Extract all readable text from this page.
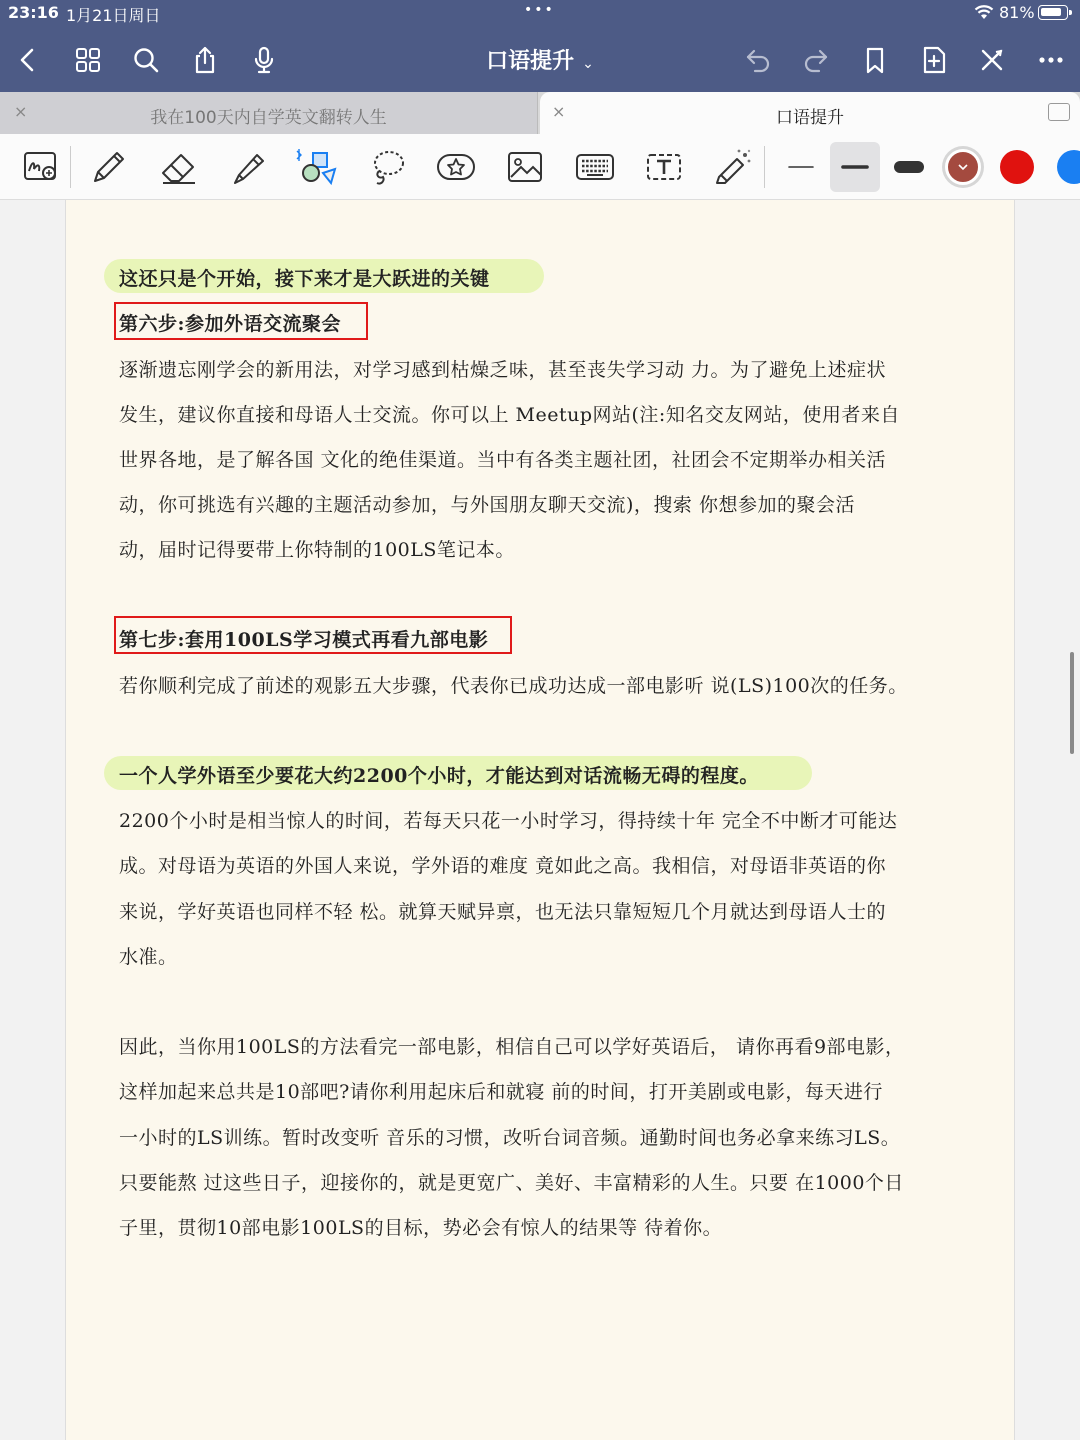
23:16 1月21日周日	•••	81%
口语提升 ⌄
×	我在100天内自学英文翻转人生	×	口语提升
这还只是个开始，接下来才是大跃进的关键
第六步:参加外语交流聚会
逐渐遗忘刚学会的新用法，对学习感到枯燥乏味，甚至丧失学习动 力。为了避免上述症状
发生，建议你直接和母语人士交流。你可以上 Meetup网站(注:知名交友网站，使用者来自
世界各地，是了解各国 文化的绝佳渠道。当中有各类主题社团，社团会不定期举办相关活
动，你可挑选有兴趣的主题活动参加，与外国朋友聊天交流)，搜索 你想参加的聚会活
动，届时记得要带上你特制的100LS笔记本。
第七步:套用100LS学习模式再看九部电影
若你顺利完成了前述的观影五大步骤，代表你已成功达成一部电影听 说(LS)100次的任务。
一个人学外语至少要花大约2200个小时，才能达到对话流畅无碍的程度。
2200个小时是相当惊人的时间，若每天只花一小时学习，得持续十年 完全不中断才可能达
成。对母语为英语的外国人来说，学外语的难度 竟如此之高。我相信，对母语非英语的你
来说，学好英语也同样不轻 松。就算天赋异禀，也无法只靠短短几个月就达到母语人士的
水准。
因此，当你用100LS的方法看完一部电影，相信自己可以学好英语后， 请你再看9部电影，
这样加起来总共是10部吧?请你利用起床后和就寝 前的时间，打开美剧或电影，每天进行
一小时的LS训练。暂时改变听 音乐的习惯，改听台词音频。通勤时间也务必拿来练习LS。
只要能熬 过这些日子，迎接你的，就是更宽广、美好、丰富精彩的人生。只要 在1000个日
子里，贯彻10部电影100LS的目标，势必会有惊人的结果等 待着你。
